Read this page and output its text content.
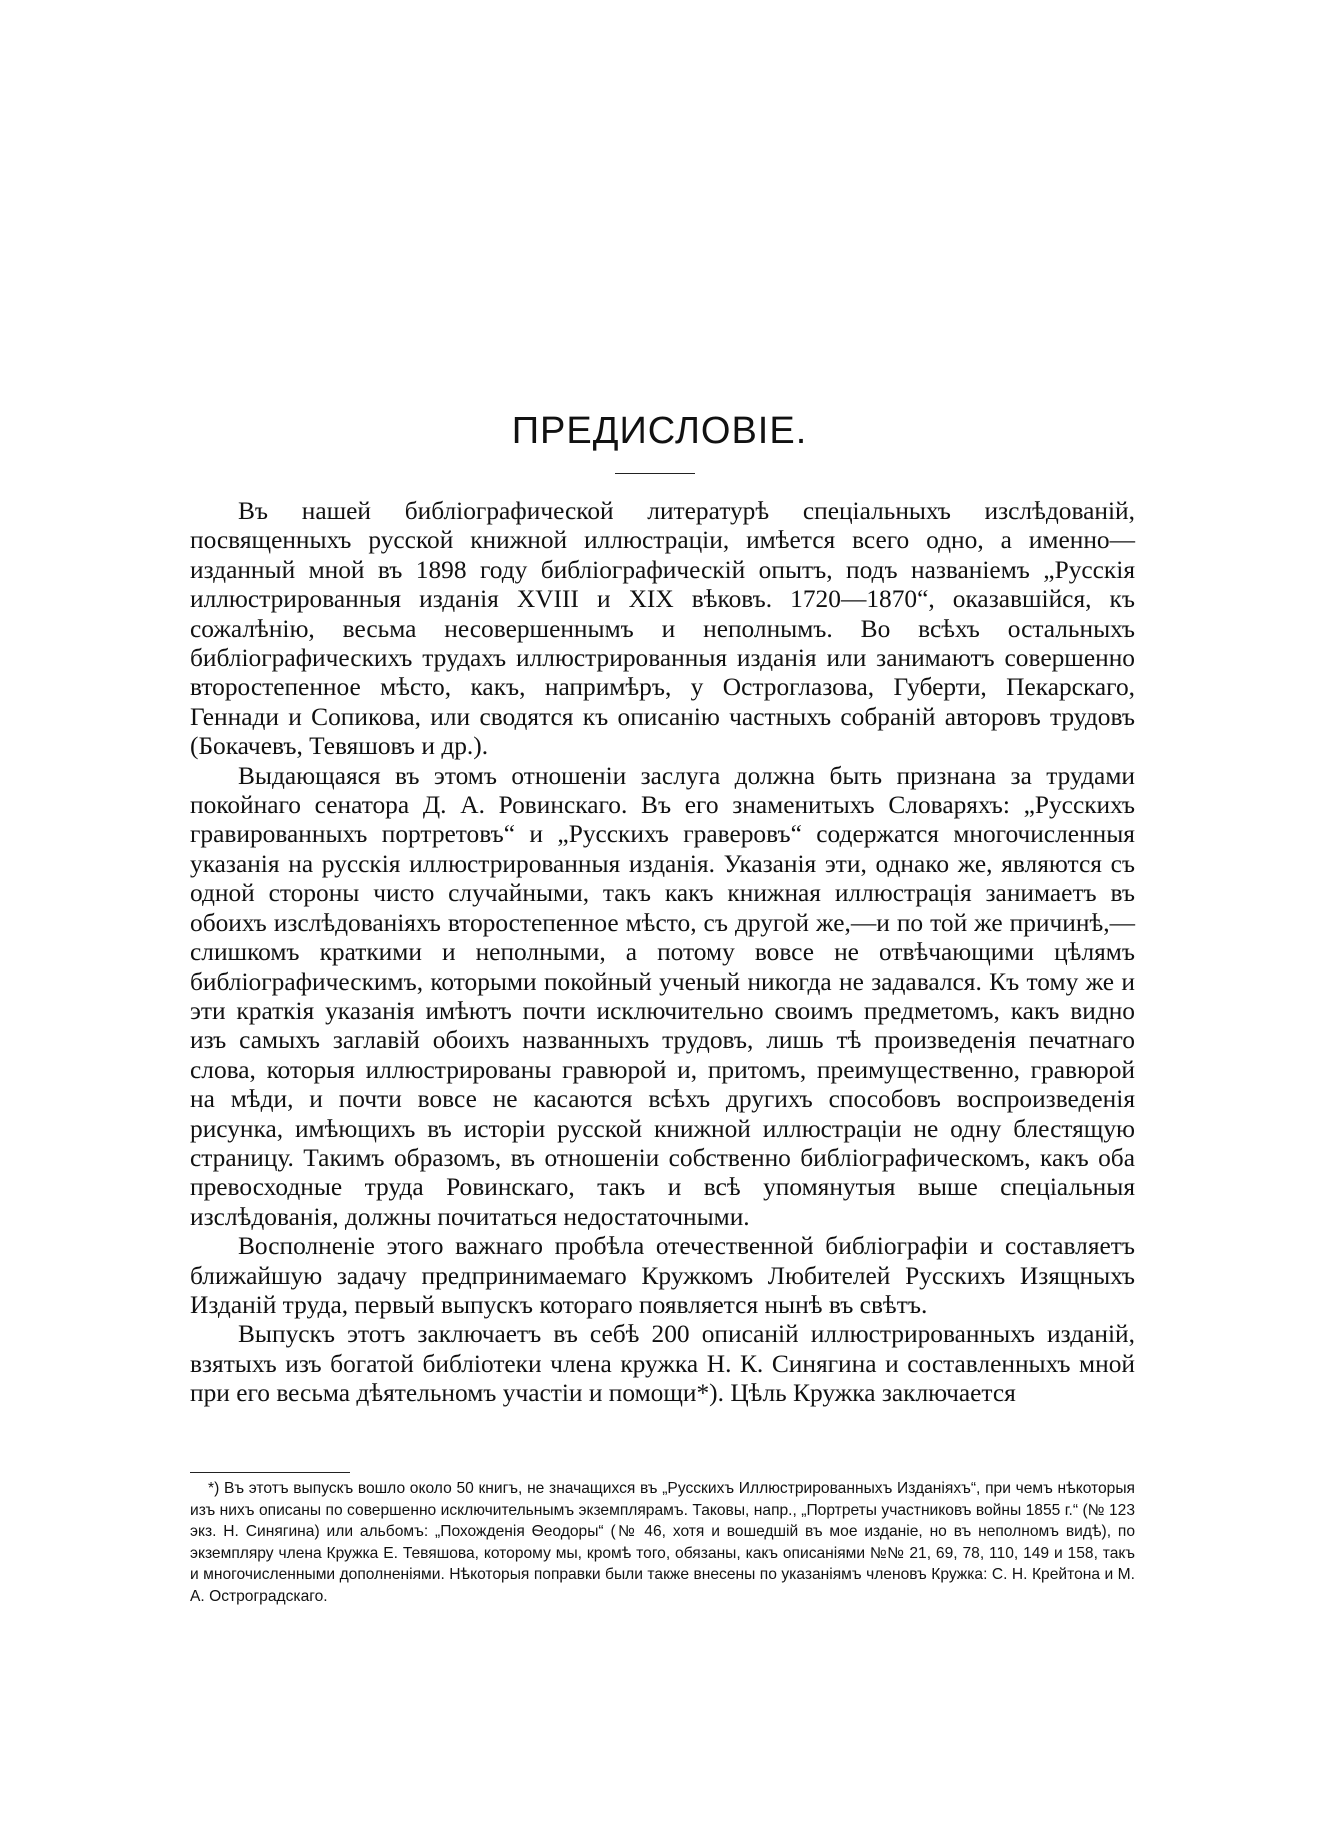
ПРЕДИСЛОВІЕ.

Въ нашей библіографической литературѣ спеціальныхъ изслѣдованій, посвященныхъ русской книжной иллюстраціи, имѣется всего одно, а именно—изданный мной въ 1898 году библіографическій опытъ, подъ названіемъ „Русскія иллюстрированныя изданія XVIII и XIX вѣковъ. 1720—1870“, оказавшійся, къ сожалѣнію, весьма несовершеннымъ и неполнымъ. Во всѣхъ остальныхъ библіографическихъ трудахъ иллюстрированныя изданія или занимаютъ совершенно второстепенное мѣсто, какъ, напримѣръ, у Остроглазова, Губерти, Пекарскаго, Геннади и Сопикова, или сводятся къ описанію частныхъ собраній авторовъ трудовъ (Бокачевъ, Тевяшовъ и др.).

Выдающаяся въ этомъ отношеніи заслуга должна быть признана за трудами покойнаго сенатора Д. А. Ровинскаго. Въ его знаменитыхъ Словаряхъ: „Русскихъ гравированныхъ портретовъ“ и „Русскихъ граверовъ“ содержатся многочисленныя указанія на русскія иллюстрированныя изданія. Указанія эти, однако же, являются съ одной стороны чисто случайными, такъ какъ книжная иллюстрація занимаетъ въ обоихъ изслѣдованіяхъ второстепенное мѣсто, съ другой же,—и по той же причинѣ,—слишкомъ краткими и неполными, а потому вовсе не отвѣчающими цѣлямъ библіографическимъ, которыми покойный ученый никогда не задавался. Къ тому же и эти краткія указанія имѣютъ почти исключительно своимъ предметомъ, какъ видно изъ самыхъ заглавій обоихъ названныхъ трудовъ, лишь тѣ произведенія печатнаго слова, которыя иллюстрированы гравюрой и, притомъ, преимущественно, гравюрой на мѣди, и почти вовсе не касаются всѣхъ другихъ способовъ воспроизведенія рисунка, имѣющихъ въ исторіи русской книжной иллюстраціи не одну блестящую страницу. Такимъ образомъ, въ отношеніи собственно библіографическомъ, какъ оба превосходные труда Ровинскаго, такъ и всѣ упомянутыя выше спеціальныя изслѣдованія, должны почитаться недостаточными.

Восполненіе этого важнаго пробѣла отечественной библіографіи и составляетъ ближайшую задачу предпринимаемаго Кружкомъ Любителей Русскихъ Изящныхъ Изданій труда, первый выпускъ котораго появляется нынѣ въ свѣтъ.

Выпускъ этотъ заключаетъ въ себѣ 200 описаній иллюстрированныхъ изданій, взятыхъ изъ богатой библіотеки члена кружка Н. К. Синягина и составленныхъ мной при его весьма дѣятельномъ участіи и помощи*). Цѣль Кружка заключается

*) Въ этотъ выпускъ вошло около 50 книгъ, не значащихся въ „Русскихъ Иллюстрированныхъ Изданіяхъ“, при чемъ нѣкоторыя изъ нихъ описаны по совершенно исключительнымъ экземплярамъ. Таковы, напр., „Портреты участниковъ войны 1855 г.“ (№ 123 экз. Н. Синягина) или альбомъ: „Похожденія Ѳеодоры“ (№ 46, хотя и вошедшій въ мое изданіе, но въ неполномъ видѣ), по экземпляру члена Кружка Е. Тевяшова, которому мы, кромѣ того, обязаны, какъ описаніями №№ 21, 69, 78, 110, 149 и 158, такъ и многочисленными дополненіями. Нѣкоторыя поправки были также внесены по указаніямъ членовъ Кружка: С. Н. Крейтона и М. А. Остроградскаго.
